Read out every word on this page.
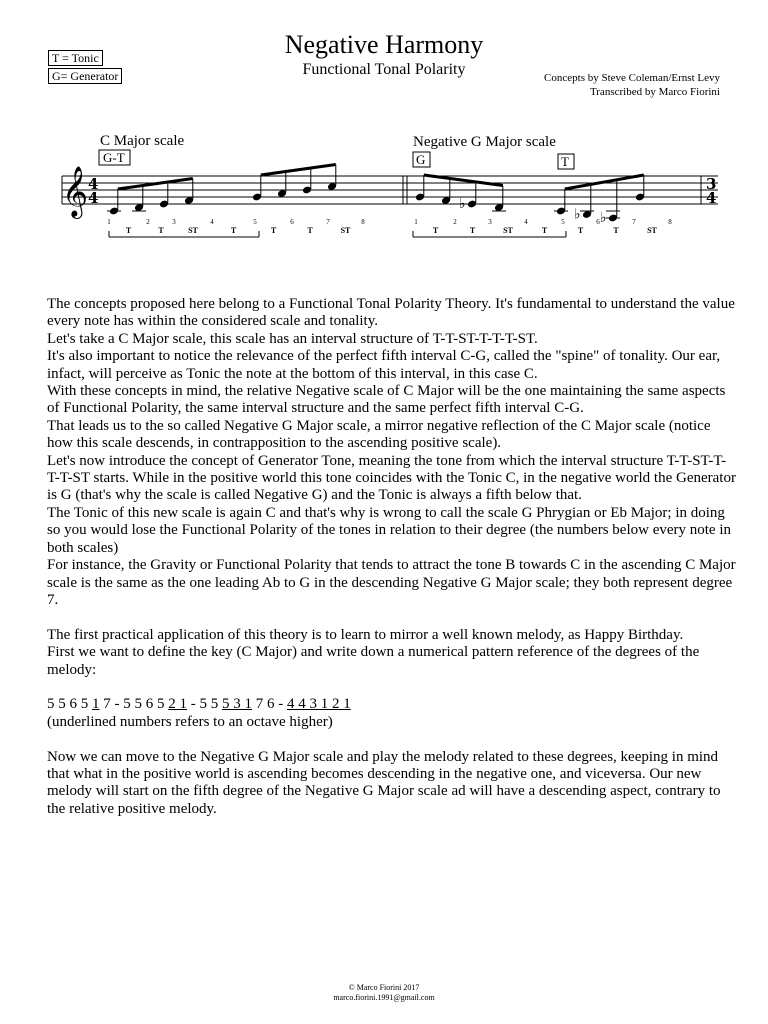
T = Tonic
G= Generator
Negative Harmony
Functional Tonal Polarity	Concepts by Steve Coleman/Ernst Levy
Transcribed by Marco Fiorini
C Major scale
G-T
Negative G Major scale
G	T
𝄞 4
4
3
4
♭
♭ ♭
1	2	3	4	5	6	7	8
T	T	ST	T	T	T	ST
1	2	3	4	5	6	7	8
T	T	ST	T	T	T	ST

The concepts proposed here belong to a Functional Tonal Polarity Theory. It's fundamental to understand the value every note has within the considered scale and tonality.

Let's take a C Major scale, this scale has an interval structure of T-T-ST-T-T-T-ST.

It's also important to notice the relevance of the perfect fifth interval C-G, called the "spine" of tonality. Our ear, infact, will perceive as Tonic the note at the bottom of this interval, in this case C.

With these concepts in mind, the relative Negative scale of C Major will be the one maintaining the same aspects of Functional Polarity, the same interval structure and the same perfect fifth interval C-G.

That leads us to the so called Negative G Major scale, a mirror negative reflection of the C Major scale (notice how this scale descends, in contrapposition to the ascending positive scale).

Let's now introduce the concept of Generator Tone, meaning the tone from which the interval structure T-T-ST-T-T-T-ST starts. While in the positive world this tone coincides with the Tonic C, in the negative world the Generator is G (that's why the scale is called Negative G) and the Tonic is always a fifth below that.

The Tonic of this new scale is again C and that's why is wrong to call the scale G Phrygian or Eb Major; in doing so you would lose the Functional Polarity of the tones in relation to their degree (the numbers below every note in both scales)

For instance, the Gravity or Functional Polarity that tends to attract the tone B towards C in the ascending C Major scale is the same as the one leading Ab to G in the descending Negative G Major scale; they both represent degree 7.

The first practical application of this theory is to learn to mirror a well known melody, as Happy Birthday.

First we want to define the key (C Major) and write down a numerical pattern reference of the degrees of the melody:

5 5 6 5 1 7 - 5 5 6 5 2 1 - 5 5 5 3 1 7 6 - 4 4 3 1 2 1

(underlined numbers refers to an octave higher)

Now we can move to the Negative G Major scale and play the melody related to these degrees, keeping in mind that what in the positive world is ascending becomes descending in the negative one, and viceversa. Our new melody will start on the fifth degree of the Negative G Major scale ad will have a descending aspect, contrary to the relative positive melody.

© Marco Fiorini 2017
marco.fiorini.1991@gmail.com
